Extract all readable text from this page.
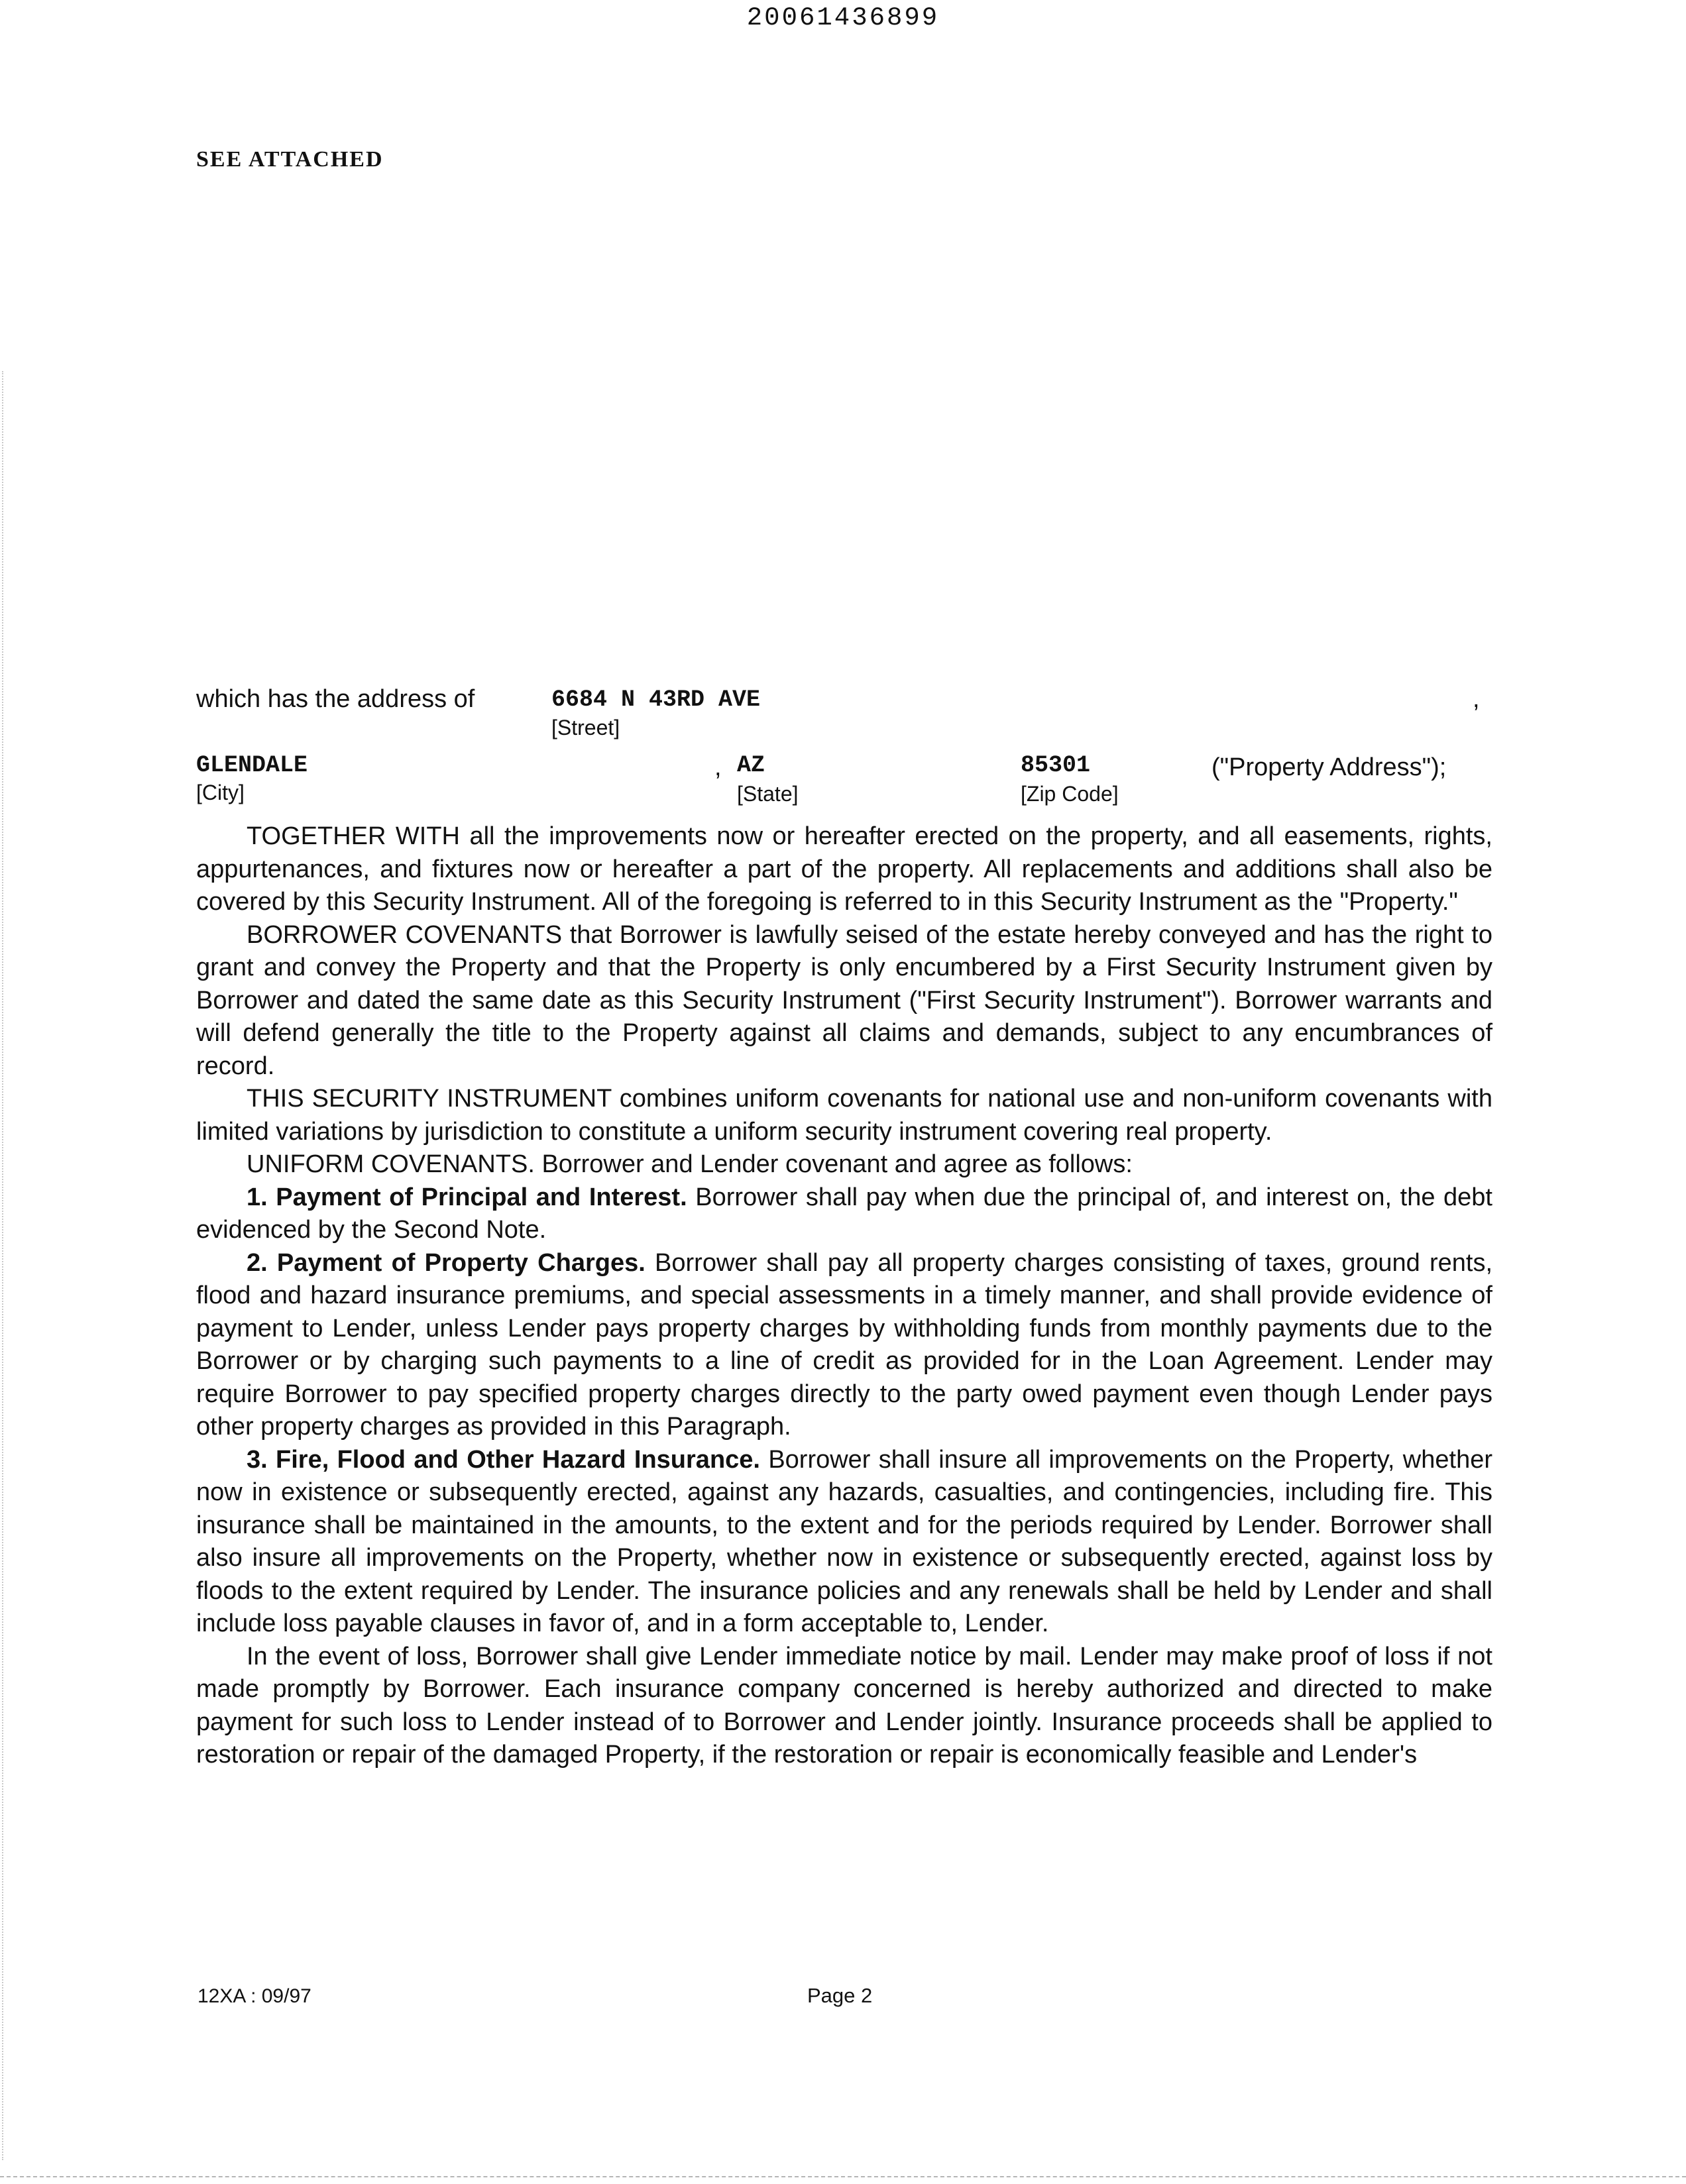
20061436899
SEE ATTACHED
which has the address of	6684 N 43RD AVE
[Street]
,
GLENDALE
[City]
, AZ
[State]
85301
[Zip Code]
("Property Address");

TOGETHER WITH all the improvements now or hereafter erected on the property, and all easements, rights, appurtenances, and fixtures now or hereafter a part of the property. All replacements and additions shall also be covered by this Security Instrument. All of the foregoing is referred to in this Security Instrument as the "Property."

BORROWER COVENANTS that Borrower is lawfully seised of the estate hereby conveyed and has the right to grant and convey the Property and that the Property is only encumbered by a First Security Instrument given by Borrower and dated the same date as this Security Instrument ("First Security Instrument"). Borrower warrants and will defend generally the title to the Property against all claims and demands, subject to any encumbrances of record.

THIS SECURITY INSTRUMENT combines uniform covenants for national use and non-uniform covenants with limited variations by jurisdiction to constitute a uniform security instrument covering real property.

UNIFORM COVENANTS. Borrower and Lender covenant and agree as follows:

1. Payment of Principal and Interest. Borrower shall pay when due the principal of, and interest on, the debt evidenced by the Second Note.

2. Payment of Property Charges. Borrower shall pay all property charges consisting of taxes, ground rents, flood and hazard insurance premiums, and special assessments in a timely manner, and shall provide evidence of payment to Lender, unless Lender pays property charges by withholding funds from monthly payments due to the Borrower or by charging such payments to a line of credit as provided for in the Loan Agreement. Lender may require Borrower to pay specified property charges directly to the party owed payment even though Lender pays other property charges as provided in this Paragraph.

3. Fire, Flood and Other Hazard Insurance. Borrower shall insure all improvements on the Property, whether now in existence or subsequently erected, against any hazards, casualties, and contingencies, including fire. This insurance shall be maintained in the amounts, to the extent and for the periods required by Lender. Borrower shall also insure all improvements on the Property, whether now in existence or subsequently erected, against loss by floods to the extent required by Lender. The insurance policies and any renewals shall be held by Lender and shall include loss payable clauses in favor of, and in a form acceptable to, Lender.

In the event of loss, Borrower shall give Lender immediate notice by mail. Lender may make proof of loss if not made promptly by Borrower. Each insurance company concerned is hereby authorized and directed to make payment for such loss to Lender instead of to Borrower and Lender jointly. Insurance proceeds shall be applied to restoration or repair of the damaged Property, if the restoration or repair is economically feasible and Lender's

12XA : 09/97	Page 2
